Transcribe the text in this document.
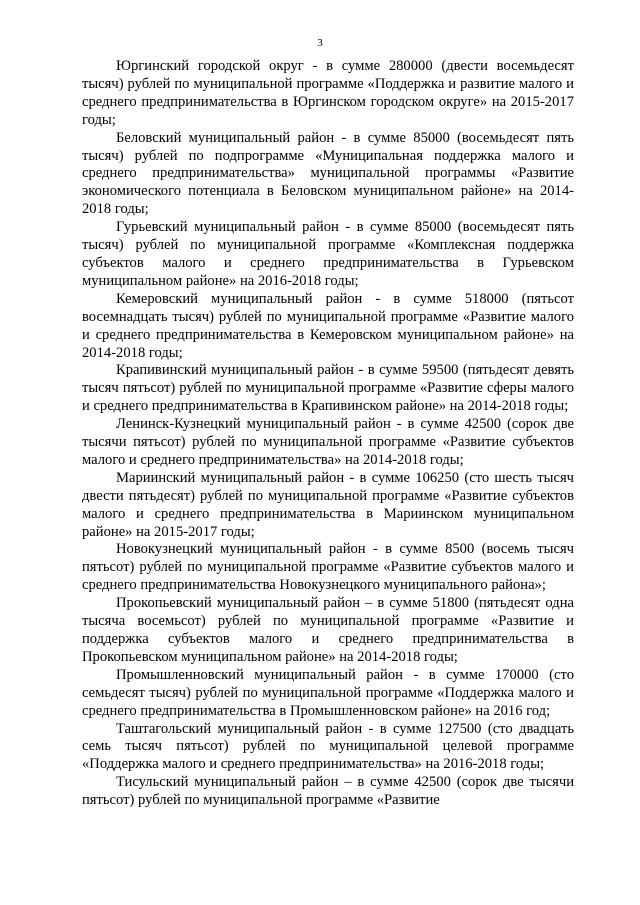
3

Юргинский городской округ - в сумме 280000 (двести восемьдесят тысяч) рублей по муниципальной программе «Поддержка и развитие малого и среднего предпринимательства в Юргинском городском округе» на 2015-2017 годы;

Беловский муниципальный район - в сумме 85000 (восемьдесят пять тысяч) рублей по подпрограмме «Муниципальная поддержка малого и среднего предпринимательства» муниципальной программы «Развитие экономического потенциала в Беловском муниципальном районе» на 2014-2018 годы;

Гурьевский муниципальный район - в сумме 85000 (восемьдесят пять тысяч) рублей по муниципальной программе «Комплексная поддержка субъектов малого и среднего предпринимательства в Гурьевском муниципальном районе» на 2016-2018 годы;

Кемеровский муниципальный район - в сумме 518000 (пятьсот восемнадцать тысяч) рублей по муниципальной программе «Развитие малого и среднего предпринимательства в Кемеровском муниципальном районе» на 2014-2018 годы;

Крапивинский муниципальный район - в сумме 59500 (пятьдесят девять тысяч пятьсот) рублей по муниципальной программе «Развитие сферы малого и среднего предпринимательства в Крапивинском районе» на 2014-2018 годы;

Ленинск-Кузнецкий муниципальный район - в сумме 42500 (сорок две тысячи пятьсот) рублей по муниципальной программе «Развитие субъектов малого и среднего предпринимательства» на 2014-2018 годы;

Мариинский муниципальный район - в сумме 106250 (сто шесть тысяч двести пятьдесят) рублей по муниципальной программе «Развитие субъектов малого и среднего предпринимательства в Мариинском муниципальном районе» на 2015-2017 годы;

Новокузнецкий муниципальный район - в сумме 8500 (восемь тысяч пятьсот) рублей по муниципальной программе «Развитие субъектов малого и среднего предпринимательства Новокузнецкого муниципального района»;

Прокопьевский муниципальный район – в сумме 51800 (пятьдесят одна тысяча восемьсот) рублей по муниципальной программе «Развитие и поддержка субъектов малого и среднего предпринимательства в Прокопьевском муниципальном районе» на 2014-2018 годы;

Промышленновский муниципальный район - в сумме 170000 (сто семьдесят тысяч) рублей по муниципальной программе «Поддержка малого и среднего предпринимательства в Промышленновском районе» на 2016 год;

Таштагольский муниципальный район - в сумме 127500 (сто двадцать семь тысяч пятьсот) рублей по муниципальной целевой программе «Поддержка малого и среднего предпринимательства» на 2016-2018 годы;

Тисульский муниципальный район – в сумме 42500 (сорок две тысячи пятьсот) рублей по муниципальной программе «Развитие
